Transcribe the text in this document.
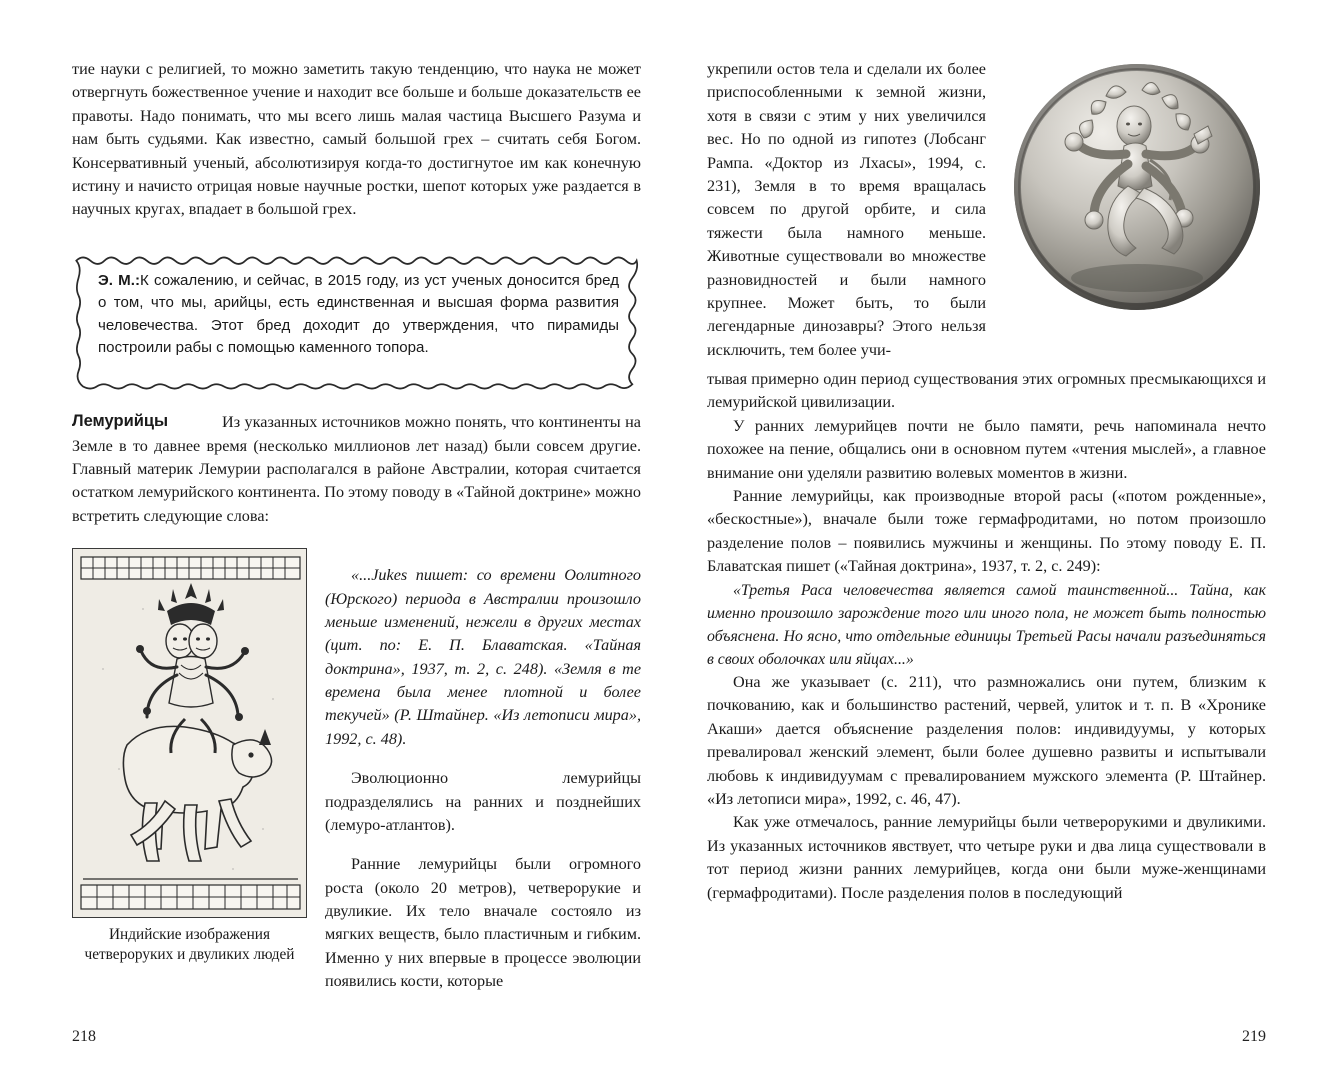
тие науки с религией, то можно заметить такую тенденцию, что наука не может отвергнуть божественное учение и находит все больше и больше доказательств ее правоты. Надо понимать, что мы всего лишь малая частица Высшего Разума и нам быть судьями. Как известно, самый большой грех – считать себя Богом. Консервативный ученый, абсолютизируя когда-то достигнутое им как конечную истину и начисто отрицая новые научные ростки, шепот которых уже раздается в научных кругах, впадает в большой грех.

Э. М.:К сожалению, и сейчас, в 2015 году, из уст ученых доносится бред о том, что мы, арийцы, есть единственная и высшая форма развития человечества. Этот бред доходит до утверждения, что пирамиды построили рабы с помощью каменного топора.
Лемурийцы	Из указанных источников можно понять, что континенты на Земле в то давнее время (несколько миллионов лет назад) были совсем другие. Главный материк Лемурии располагался в районе Австралии, которая считается остатком лемурийского континента. По этому поводу в «Тайной доктрине» можно встретить следующие слова:
Индийские изображения четвероруких и двуликих людей

«...Jukes пишет: со времени Оолитного (Юрского) периода в Австралии произошло меньше изменений, нежели в других местах (цит. по: Е. П. Блаватская. «Тайная доктрина», 1937, т. 2, с. 248). «Земля в те времена была менее плотной и более текучей» (Р. Штайнер. «Из летописи мира», 1992, с. 48).

Эволюционно лемурийцы подразделялись на ранних и позднейших (лемуро-атлантов).

Ранние лемурийцы были огромного роста (около 20 метров), четверорукие и двуликие. Их тело вначале состояло из мягких веществ, было пластичным и гибким. Именно у них впервые в процессе эволюции появились кости, которые

218

укрепили остов тела и сделали их более приспособленными к земной жизни, хотя в связи с этим у них увеличился вес. Но по одной из гипотез (Лобсанг Рампа. «Доктор из Лхасы», 1994, с. 231), Земля в то время вращалась совсем по другой орбите, и сила тяжести была намного меньше. Животные существовали во множестве разновидностей и были намного крупнее. Может быть, то были легендарные динозавры? Этого нельзя исключить, тем более учи-

тывая примерно один период существования этих огромных пресмыкающихся и лемурийской цивилизации.

У ранних лемурийцев почти не было памяти, речь напоминала нечто похожее на пение, общались они в основном путем «чтения мыслей», а главное внимание они уделяли развитию волевых моментов в жизни.

Ранние лемурийцы, как производные второй расы («потом рожденные», «бескостные»), вначале были тоже гермафродитами, но потом произошло разделение полов – появились мужчины и женщины. По этому поводу Е. П. Блаватская пишет («Тайная доктрина», 1937, т. 2, с. 249):

«Третья Раса человечества является самой таинственной... Тайна, как именно произошло зарождение того или иного пола, не может быть полностью объяснена. Но ясно, что отдельные единицы Третьей Расы начали разъединяться в своих оболочках или яйцах...»

Она же указывает (с. 211), что размножались они путем, близким к почкованию, как и большинство растений, червей, улиток и т. п. В «Хронике Акаши» дается объяснение разделения полов: индивидуумы, у которых превалировал женский элемент, были более душевно развиты и испытывали любовь к индивидуумам с превалированием мужского элемента (Р. Штайнер. «Из летописи мира», 1992, с. 46, 47).

Как уже отмечалось, ранние лемурийцы были четверорукими и двуликими. Из указанных источников явствует, что четыре руки и два лица существовали в тот период жизни ранних лемурийцев, когда они были муже-женщинами (гермафродитами). После разделения полов в последующий

219
